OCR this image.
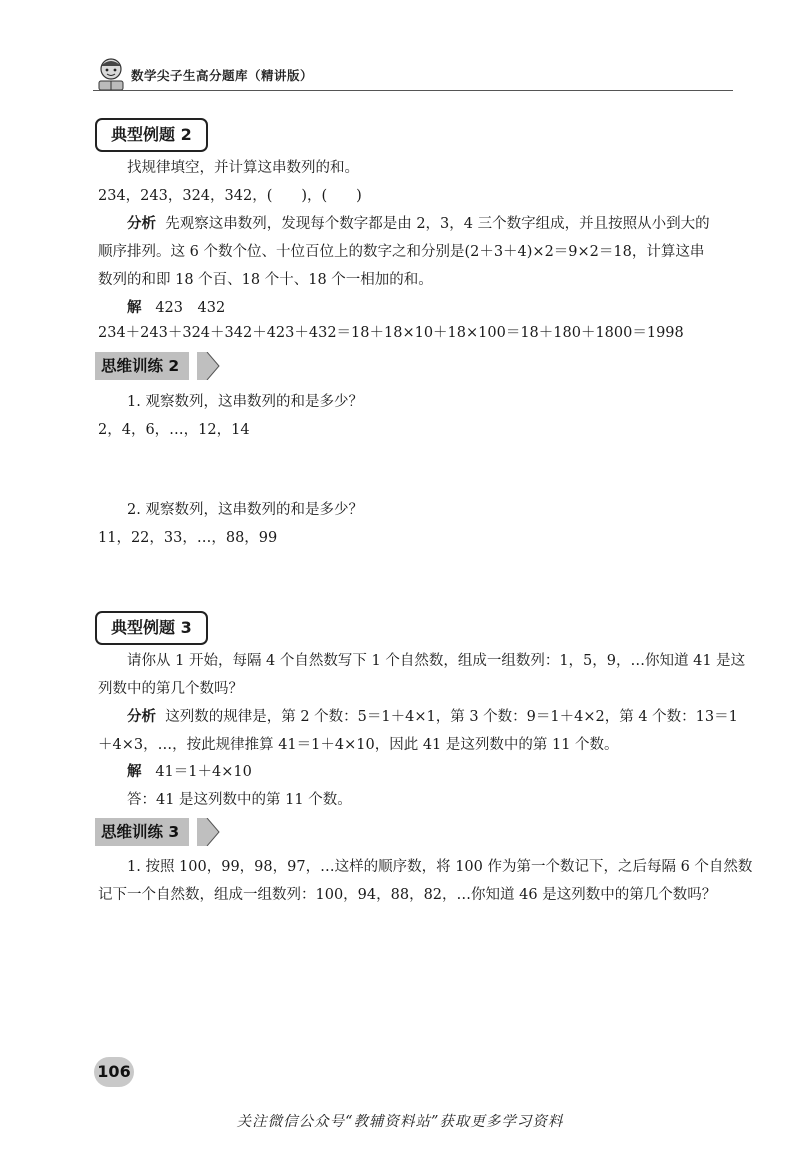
数学尖子生高分题库（精讲版）
典型例题 2
找规律填空，并计算这串数列的和。
234，243，324，342，(　　)，(　　)
分析 先观察这串数列，发现每个数字都是由 2，3，4 三个数字组成，并且按照从小到大的
顺序排列。这 6 个数个位、十位百位上的数字之和分别是(2＋3＋4)×2＝9×2＝18，计算这串
数列的和即 18 个百、18 个十、18 个一相加的和。
解 423　432
234＋243＋324＋342＋423＋432＝18＋18×10＋18×100＝18＋180＋1800＝1998
思维训练 2
1. 观察数列，这串数列的和是多少？
2，4，6，…，12，14
2. 观察数列，这串数列的和是多少？
11，22，33，…，88，99
典型例题 3
请你从 1 开始，每隔 4 个自然数写下 1 个自然数，组成一组数列：1，5，9，…你知道 41 是这
列数中的第几个数吗？
分析 这列数的规律是，第 2 个数：5＝1＋4×1，第 3 个数：9＝1＋4×2，第 4 个数：13＝1
＋4×3，…，按此规律推算 41＝1＋4×10，因此 41 是这列数中的第 11 个数。
解 41＝1＋4×10
答：41 是这列数中的第 11 个数。
思维训练 3
1. 按照 100，99，98，97，…这样的顺序数，将 100 作为第一个数记下，之后每隔 6 个自然数
记下一个自然数，组成一组数列：100，94，88，82，…你知道 46 是这列数中的第几个数吗？
106
关注微信公众号“教辅资料站”获取更多学习资料
